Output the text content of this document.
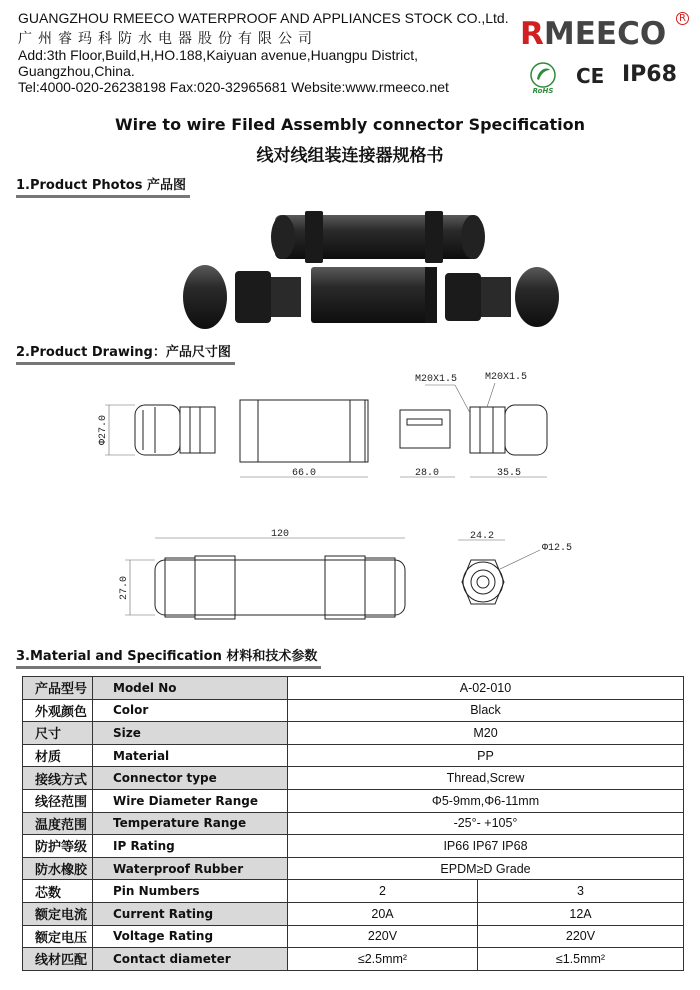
GUANGZHOU RMEECO WATERPROOF AND APPLIANCES STOCK CO.,Ltd.
广州睿玛科防水电器股份有限公司
Add:3th Floor,Build,H,HO.188,Kaiyuan avenue,Huangpu District,
Guangzhou,China.
Tel:4000-020-26238198 Fax:020-32965681 Website:www.rmeeco.net
RMEECO	R
RoHS
CE IP68
Wire to wire Filed Assembly connector Specification
线对线组装连接器规格书
1.Product Photos 产品图
2.Product Drawing：产品尺寸图
Φ27.0
66.0	28.0	35.5
M20X1.5	M20X1.5
120
27.0
24.2
Φ12.5
3.Material and Specification 材料和技术参数
产品型号	Model No	A-02-010	
外观颜色	Color	Black	
尺寸	Size	M20	
材质	Material	PP	
接线方式	Connector type	Thread,Screw	
线径范围	Wire Diameter Range	Φ5-9mm,Φ6-11mm	
温度范围	Temperature Range	-25°- +105°	
防护等级	IP Rating	IP66 IP67 IP68	
防水橡胶	Waterproof Rubber	EPDM≥D Grade	
芯数	Pin Numbers	2	3
额定电流	Current Rating	20A	12A
额定电压	Voltage Rating	220V	220V
线材匹配	Contact diameter	≤2.5mm²	≤1.5mm²
